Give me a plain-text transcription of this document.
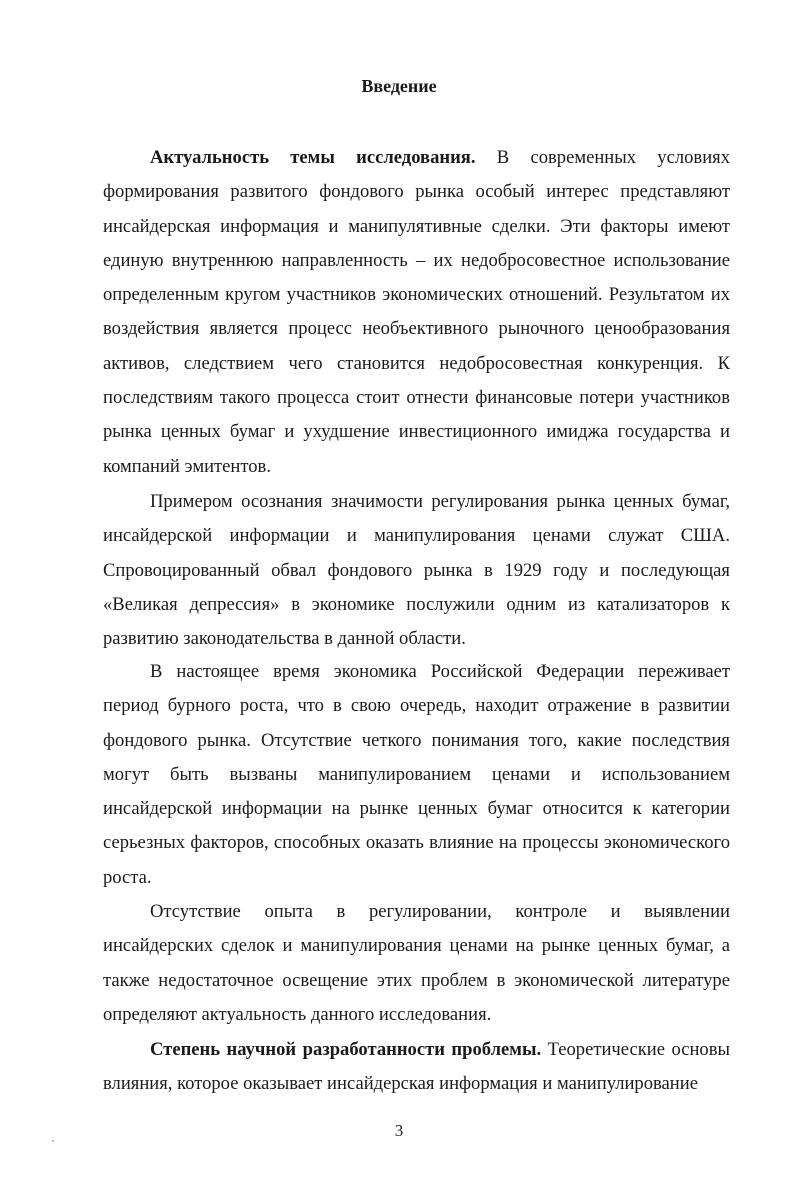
Введение

Актуальность темы исследования. В современных условиях формирования развитого фондового рынка особый интерес представляют инсайдерская информация и манипулятивные сделки. Эти факторы имеют единую внутреннюю направленность – их недобросовестное использование определенным кругом участников экономических отношений. Результатом их воздействия является процесс необъективного рыночного ценообразования активов, следствием чего становится недобросовестная конкуренция. К последствиям такого процесса стоит отнести финансовые потери участников рынка ценных бумаг и ухудшение инвестиционного имиджа государства и компаний эмитентов.

Примером осознания значимости регулирования рынка ценных бумаг, инсайдерской информации и манипулирования ценами служат США. Спровоцированный обвал фондового рынка в 1929 году и последующая «Великая депрессия» в экономике послужили одним из катализаторов к развитию законодательства в данной области.

В настоящее время экономика Российской Федерации переживает период бурного роста, что в свою очередь, находит отражение в развитии фондового рынка. Отсутствие четкого понимания того, какие последствия могут быть вызваны манипулированием ценами и использованием инсайдерской информации на рынке ценных бумаг относится к категории серьезных факторов, способных оказать влияние на процессы экономического роста.

Отсутствие опыта в регулировании, контроле и выявлении инсайдерских сделок и манипулирования ценами на рынке ценных бумаг, а также недостаточное освещение этих проблем в экономической литературе определяют актуальность данного исследования.

Степень научной разработанности проблемы. Теоретические основы влияния, которое оказывает инсайдерская информация и манипулирование

3
